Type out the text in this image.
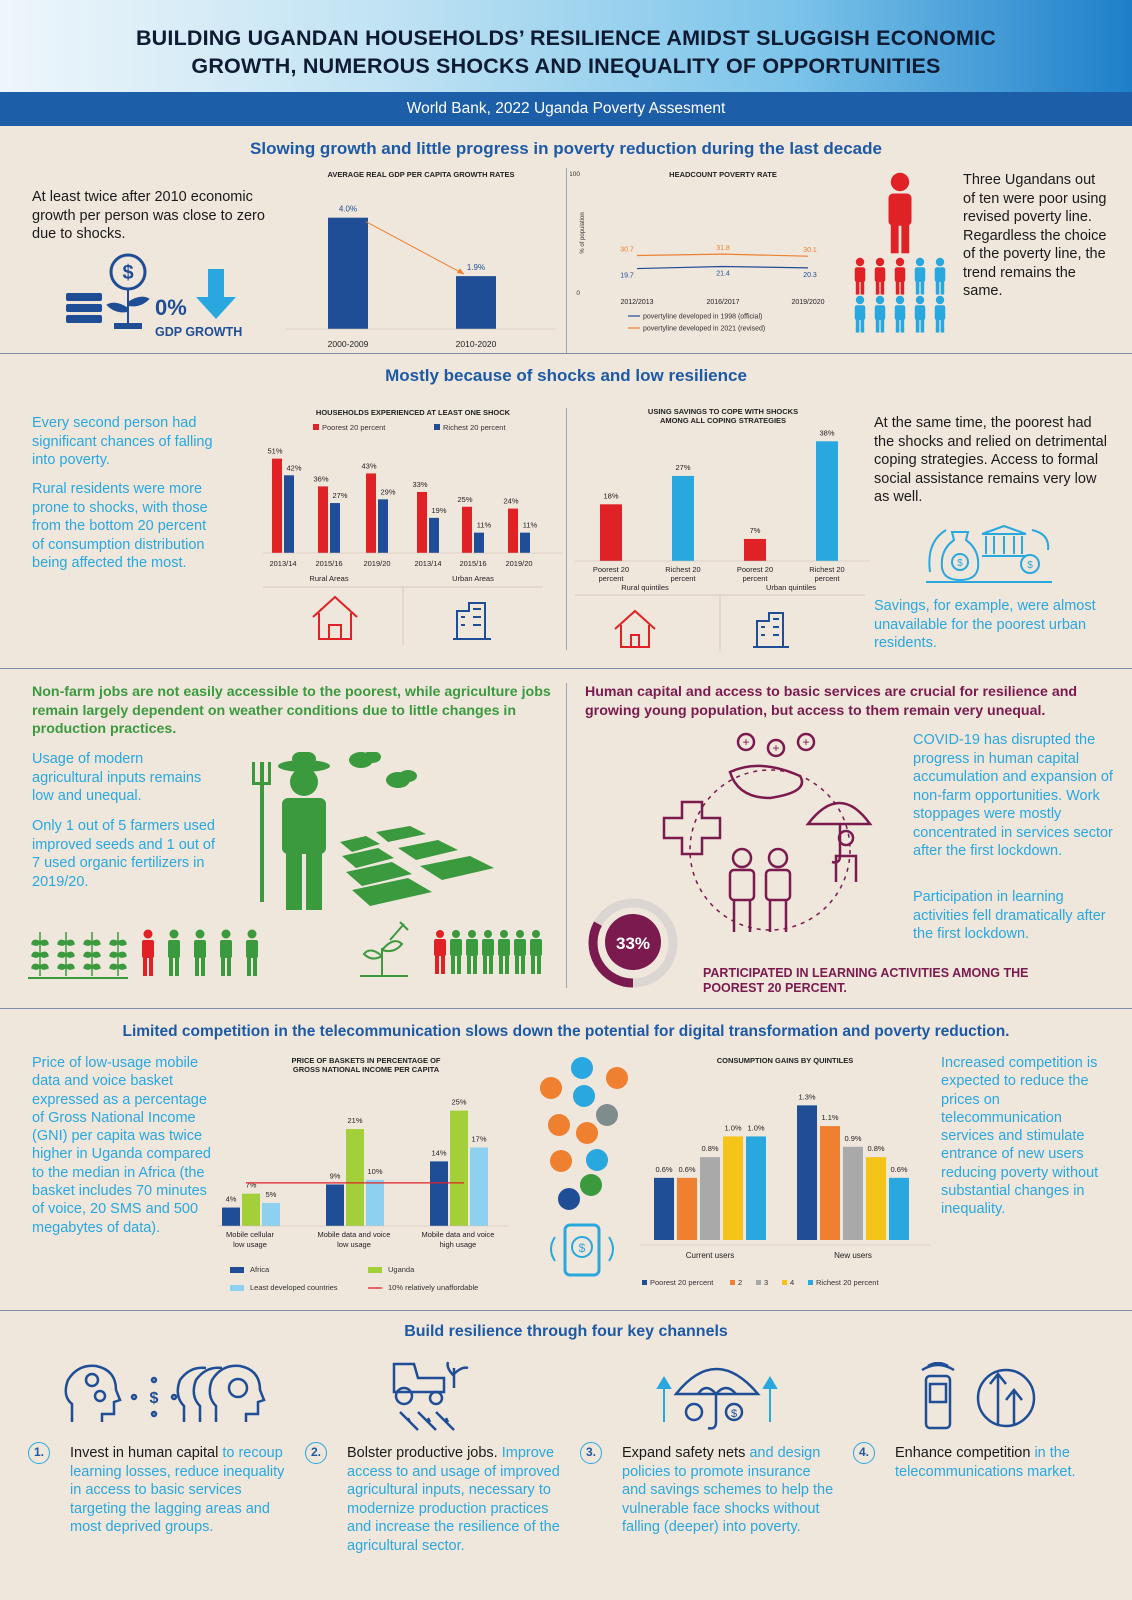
BUILDING UGANDAN HOUSEHOLDS’ RESILIENCE AMIDST SLUGGISH ECONOMIC
GROWTH, NUMEROUS SHOCKS AND INEQUALITY OF OPPORTUNITIES
World Bank, 2022 Uganda Poverty Assesment
Slowing growth and little progress in poverty reduction during the last decade
At least twice after 2010 economic growth per person was close to zero due to shocks.
$
0%
GDP GROWTH
AVERAGE REAL GDP PER CAPITA GROWTH RATES
4.0%
2000-2009
1.9%
2010-2020
100
0
% of population
HEADCOUNT POVERTY RATE
19.7	21.4	20.3
30.7	31.8	30.1
2012/2013	2016/2017	2019/2020
povertyline developed in 1998 (official)
povertyline developed in 2021 (revised)
Three Ugandans out of ten were poor using revised poverty line. Regardless the choice of the poverty line, the trend remains the same.
Mostly because of shocks and low resilience
Every second person had significant chances of falling into poverty.
Rural residents were more prone to shocks, with those from the bottom 20 percent of consumption distribution being affected the most.
HOUSEHOLDS EXPERIENCED AT LEAST ONE SHOCK
Poorest 20 percent	Richest 20 percent
51%
42%
2013/14
36%
27%
2015/16
43%
29%
2019/20
33%
19%
2013/14
25%
11%
2015/16
24%
11%
2019/20
Rural Areas	Urban Areas
USING SAVINGS TO COPE WITH SHOCKS AMONG ALL COPING STRATEGIES
18%
Poorest 20
percent
27%
Richest 20
percent
7%
Poorest 20
percent
38%
Richest 20
percent
Rural quintiles	Urban quintiles
At the same time, the poorest had the shocks and relied on detrimental coping strategies. Access to formal social assistance remains very low as well.
$	$
Savings, for example, were almost unavailable for the poorest urban residents.
Non-farm jobs are not easily accessible to the poorest, while agriculture jobs remain largely dependent on weather conditions due to little changes in production practices.
Usage of modern agricultural inputs remains low and unequal.
Only 1 out of 5 farmers used improved seeds and 1 out of 7 used organic fertilizers in 2019/20.
Human capital and access to basic services are crucial for resilience and growing young population, but access to them remain very unequal.
+ + +	COVID-19 has disrupted the progress in human capital accumulation and expansion of non-farm opportunities. Work stoppages were mostly concentrated in services sector after the first lockdown.
Participation in learning activities fell dramatically after the first lockdown.
33%
PARTICIPATED IN LEARNING ACTIVITIES AMONG THE POOREST 20 PERCENT.
Limited competition in the telecommunication slows down the potential for digital transformation and poverty reduction.
Price of low-usage mobile data and voice basket expressed as a percentage of Gross National Income (GNI) per capita was twice higher in Uganda compared to the median in Africa (the basket includes 70 minutes of voice, 20 SMS and 500 megabytes of data).
PRICE OF BASKETS IN PERCENTAGE OF GROSS NATIONAL INCOME PER CAPITA
4%
7%
5%
Mobile cellular
low usage
9%
21%
10%
Mobile data and voice
low usage
14%
25%
17%
Mobile data and voice
high usage
Africa	Uganda
Least developed countries	10% relatively unaffordable
$
CONSUMPTION GAINS BY QUINTILES
0.6% 0.6%
0.8%
1.0% 1.0%
Current users
1.3%
1.1%
0.9%
0.8%
0.6%
New users
Poorest 20 percent	2	3	4	Richest 20 percent
Increased competition is expected to reduce the prices on telecommunication services and stimulate entrance of new users reducing poverty without substantial changes in inequality.
Build resilience through four key channels
$
$
1.	Invest in human capital to recoup learning losses, reduce inequality in access to basic services targeting the lagging areas and most deprived groups.
2.	Bolster productive jobs. Improve access to and usage of improved agricultural inputs, necessary to modernize production practices and increase the resilience of the agricultural sector.
3.	Expand safety nets and design policies to promote insurance and savings schemes to help the vulnerable face shocks without falling (deeper) into poverty.
4.	Enhance competition in the telecommunications market.
